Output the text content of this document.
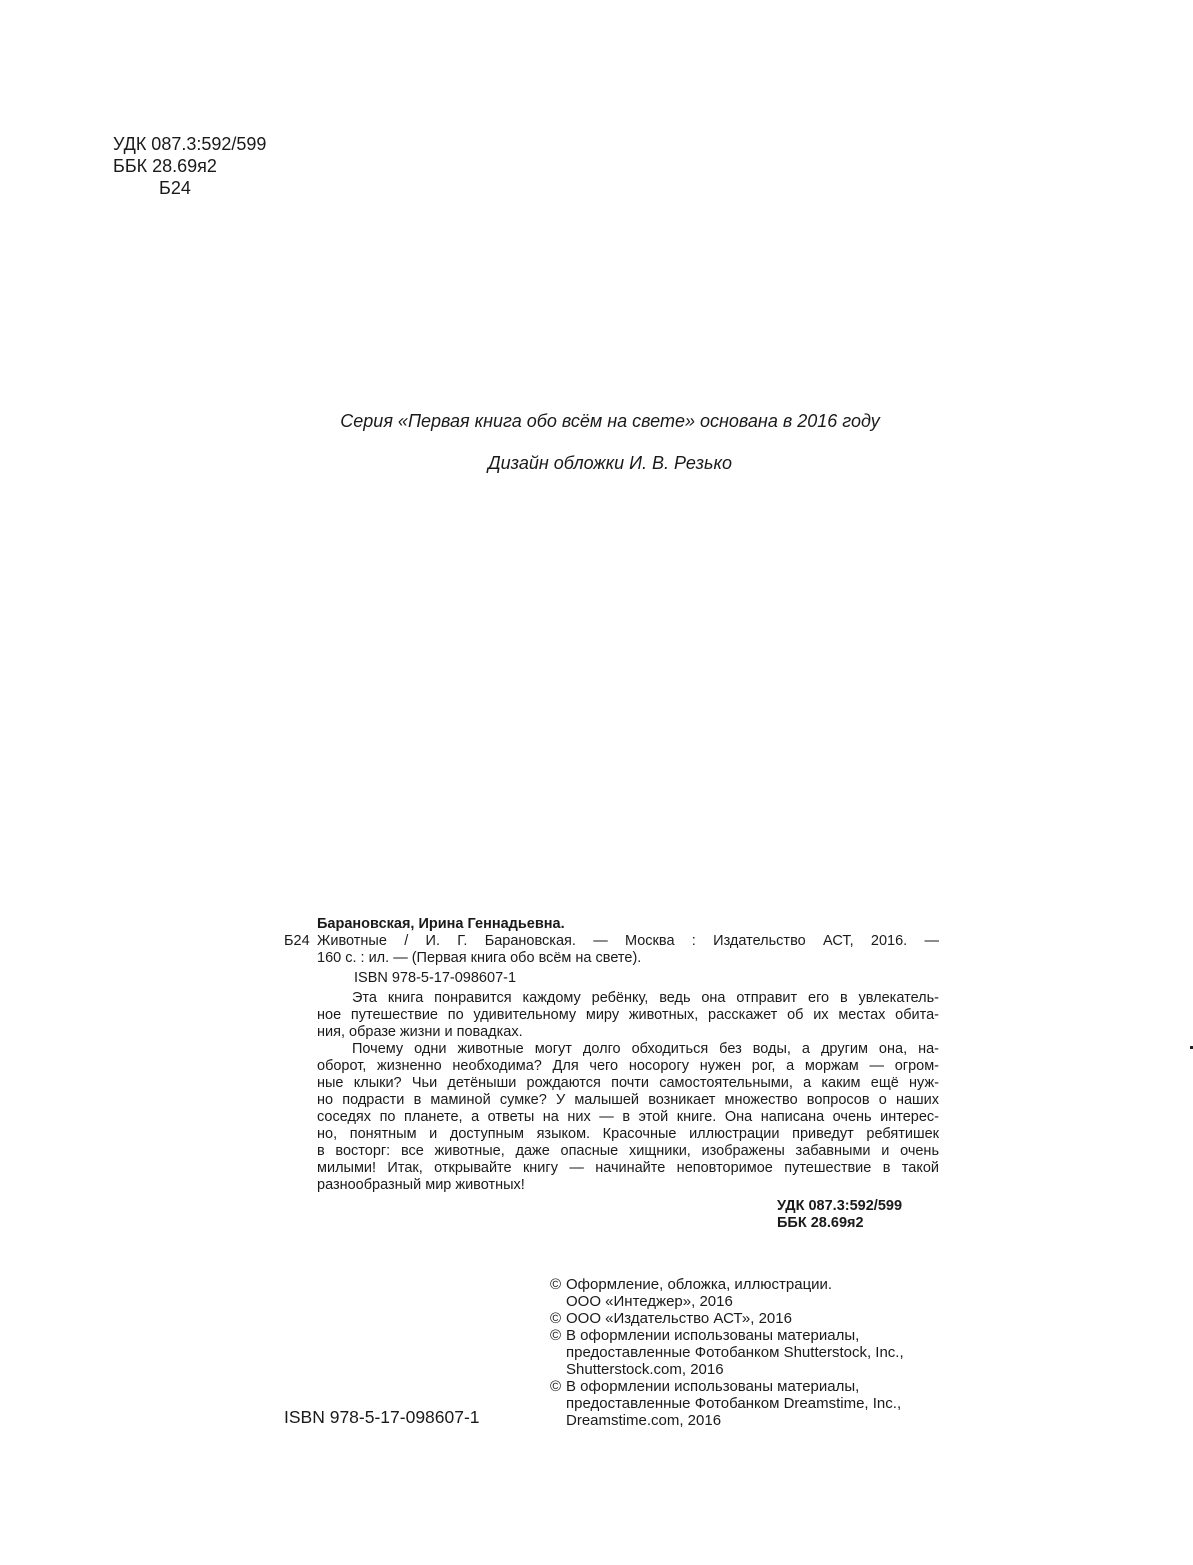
УДК 087.3:592/599
ББК 28.69я2
Б24
Серия «Первая книга обо всём на свете» основана в 2016 году
Дизайн обложки И. В. Резько
Барановская, Ирина Геннадьевна.
Б24 Животные / И. Г. Барановская. — Москва : Издательство АСТ, 2016. —
160 с. : ил. — (Первая книга обо всём на свете).
ISBN 978-5-17-098607-1

Эта книга понравится каждому ребёнку, ведь она отправит его в увлекатель-

ное путешествие по удивительному миру животных, расскажет об их местах обита-
ния, образе жизни и повадках.

Почему одни животные могут долго обходиться без воды, а другим она, на-

оборот, жизненно необходима? Для чего носорогу нужен рог, а моржам — огром-
ные клыки? Чьи детёныши рождаются почти самостоятельными, а каким ещё нуж-
но подрасти в маминой сумке? У малышей возникает множество вопросов о наших
соседях по планете, а ответы на них — в этой книге. Она написана очень интерес-
но, понятным и доступным языком. Красочные иллюстрации приведут ребятишек
в восторг: все животные, даже опасные хищники, изображены забавными и очень
милыми! Итак, открывайте книгу — начинайте неповторимое путешествие в такой
разнообразный мир животных!
УДК 087.3:592/599
ББК 28.69я2
ISBN 978-5-17-098607-1
© Оформление, обложка, иллюстрации.
ООО «Интеджер», 2016
© ООО «Издательство АСТ», 2016
© В оформлении использованы материалы,
предоставленные Фотобанком Shutterstock, Inc.,
Shutterstock.com, 2016
© В оформлении использованы материалы,
предоставленные Фотобанком Dreamstime, Inc.,
Dreamstime.com, 2016
